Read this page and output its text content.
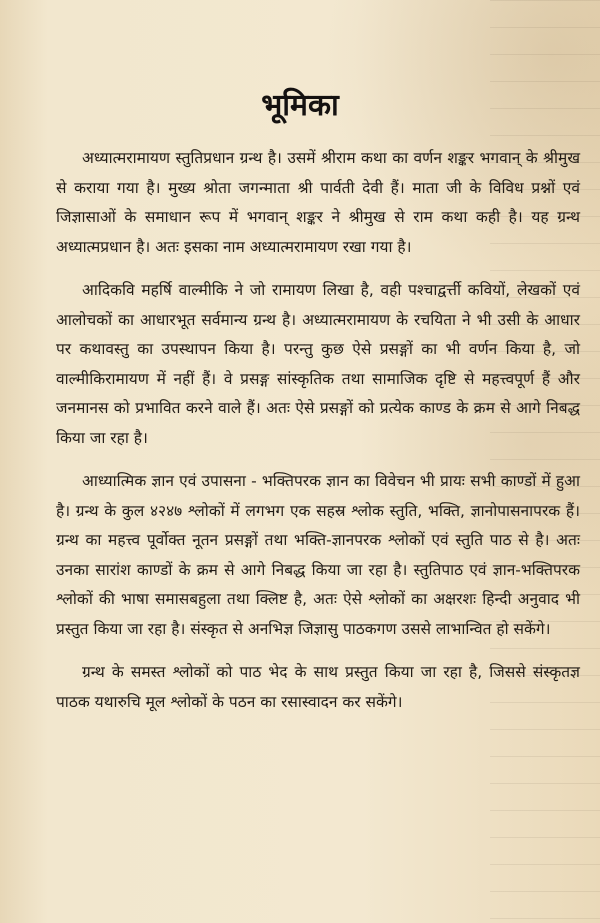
भूमिका

अध्यात्मरामायण स्तुतिप्रधान ग्रन्थ है। उसमें श्रीराम कथा का वर्णन शङ्कर भगवान् के श्रीमुख से कराया गया है। मुख्य श्रोता जगन्माता श्री पार्वती देवी हैं। माता जी के विविध प्रश्नों एवं जिज्ञासाओं के समाधान रूप में भगवान् शङ्कर ने श्रीमुख से राम कथा कही है। यह ग्रन्थ अध्यात्मप्रधान है। अतः इसका नाम अध्यात्मरामायण रखा गया है।

आदिकवि महर्षि वाल्मीकि ने जो रामायण लिखा है, वही पश्चाद्वर्त्ती कवियों, लेखकों एवं आलोचकों का आधारभूत सर्वमान्य ग्रन्थ है। अध्यात्मरामायण के रचयिता ने भी उसी के आधार पर कथावस्तु का उपस्थापन किया है। परन्तु कुछ ऐसे प्रसङ्गों का भी वर्णन किया है, जो वाल्मीकिरामायण में नहीं हैं। वे प्रसङ्ग सांस्कृतिक तथा सामाजिक दृष्टि से महत्त्वपूर्ण हैं और जनमानस को प्रभावित करने वाले हैं। अतः ऐसे प्रसङ्गों को प्रत्येक काण्ड के क्रम से आगे निबद्ध किया जा रहा है।

आध्यात्मिक ज्ञान एवं उपासना - भक्तिपरक ज्ञान का विवेचन भी प्रायः सभी काण्डों में हुआ है। ग्रन्थ के कुल ४२४७ श्लोकों में लगभग एक सहस्र श्लोक स्तुति, भक्ति, ज्ञानोपासनापरक हैं। ग्रन्थ का महत्त्व पूर्वोक्त नूतन प्रसङ्गों तथा भक्ति-ज्ञानपरक श्लोकों एवं स्तुति पाठ से है। अतः उनका सारांश काण्डों के क्रम से आगे निबद्ध किया जा रहा है। स्तुतिपाठ एवं ज्ञान-भक्तिपरक श्लोकों की भाषा समासबहुला तथा क्लिष्ट है, अतः ऐसे श्लोकों का अक्षरशः हिन्दी अनुवाद भी प्रस्तुत किया जा रहा है। संस्कृत से अनभिज्ञ जिज्ञासु पाठकगण उससे लाभान्वित हो सकेंगे।

ग्रन्थ के समस्त श्लोकों को पाठ भेद के साथ प्रस्तुत किया जा रहा है, जिससे संस्कृतज्ञ पाठक यथारुचि मूल श्लोकों के पठन का रसास्वादन कर सकेंगे।
